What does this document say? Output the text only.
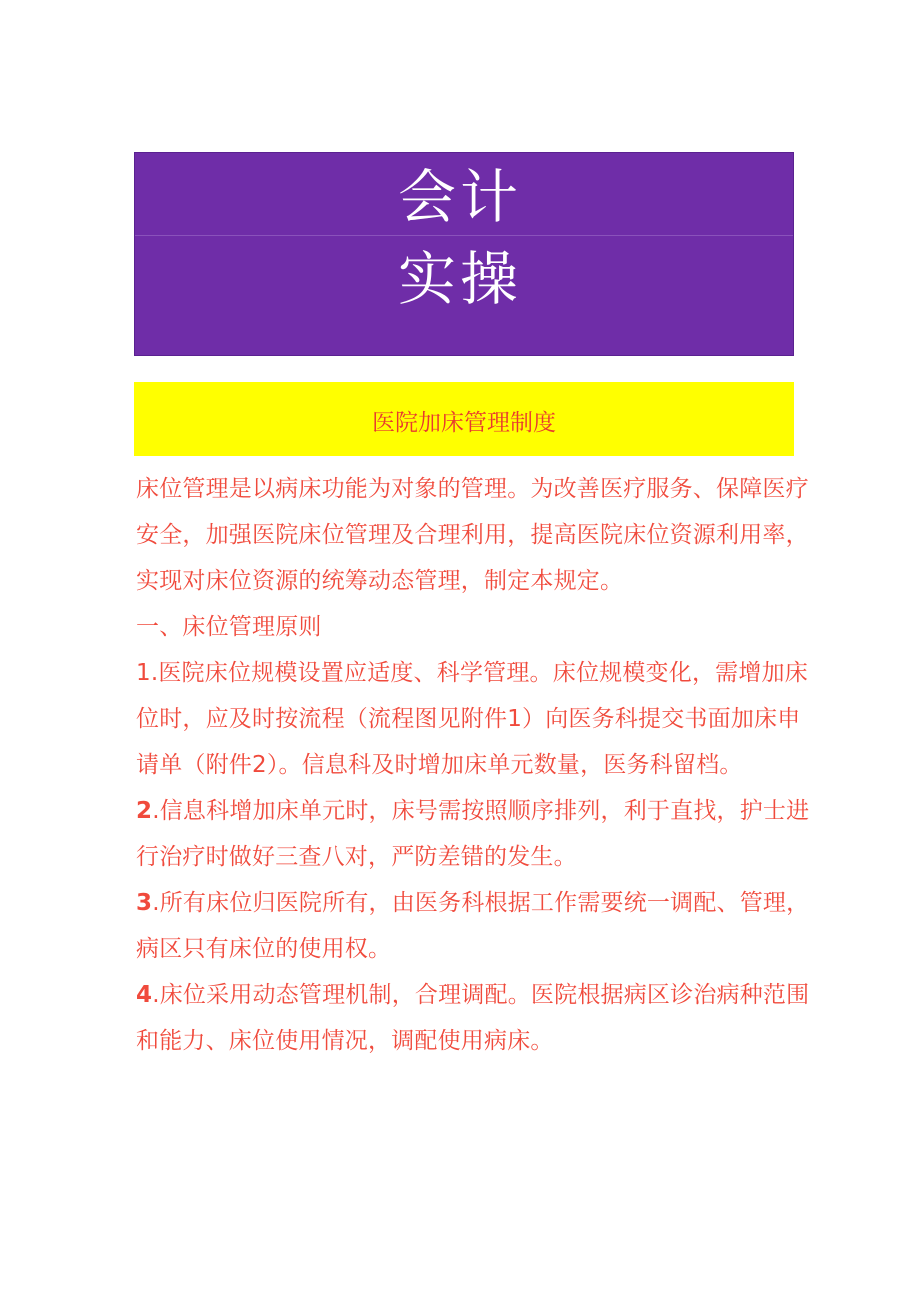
会计
实操
医院加床管理制度

床位管理是以病床功能为对象的管理。为改善医疗服务、保障医疗安全，加强医院床位管理及合理利用，提高医院床位资源利用率，实现对床位资源的统筹动态管理，制定本规定。

一、床位管理原则

1.医院床位规模设置应适度、科学管理。床位规模变化，需增加床位时，应及时按流程（流程图见附件1）向医务科提交书面加床申请单（附件2）。信息科及时增加床单元数量，医务科留档。

2.信息科增加床单元时，床号需按照顺序排列，利于直找，护士进行治疗时做好三查八对，严防差错的发生。

3.所有床位归医院所有，由医务科根据工作需要统一调配、管理，病区只有床位的使用权。

4.床位采用动态管理机制，合理调配。医院根据病区诊治病种范围和能力、床位使用情况，调配使用病床。
